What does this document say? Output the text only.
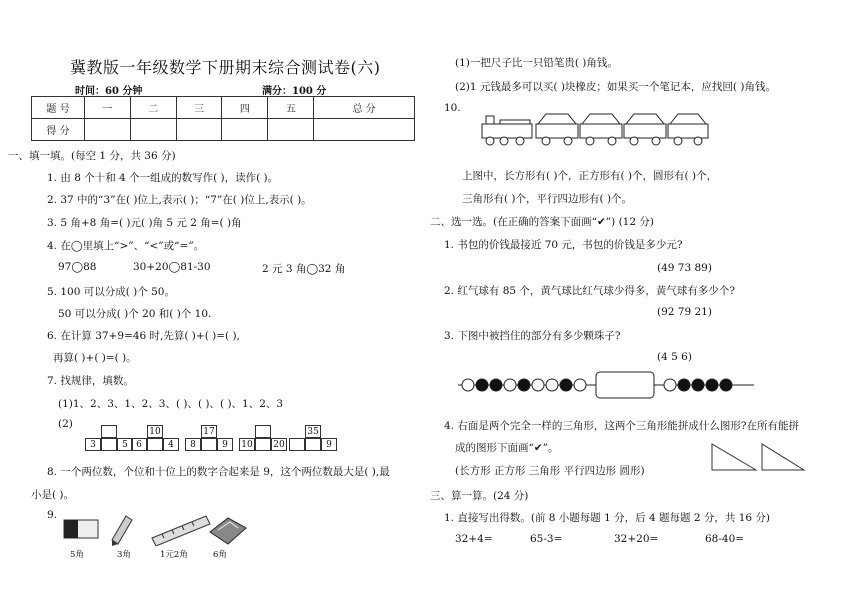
冀教版一年级数学下册期末综合测试卷(六)
时间：60 分钟	满分：100 分
题 号	一	二	三	四	五	总 分
得 分						
一、填一填。(每空 1 分，共 36 分)
1. 由 8 个十和 4 个一组成的数写作( )，读作( )。
2. 37 中的“3”在( )位上,表示( )；“7”在( )位上,表示( )。
3. 5 角+8 角=( )元( )角 5 元 2 角=( )角
4. 在◯里填上“>”、“<”或“=”。
97◯88	30+20◯81-30	2 元 3 角◯32 角
5. 100 可以分成( )个 50。
50 可以分成( )个 20 和( )个 10.
6. 在计算 37+9=46 时,先算( )+( )=( ),
再算( )+( )=( )。
7. 找规律，填数。
(1)1、2、3、1、2、3、( )、( )、( )、1、2、3
(2)
3	5
10
6	4
17
8	9	10 20
35
9
8. 一个两位数，个位和十位上的数字合起来是 9，这个两位数最大是( ),最
小是( )。
9.
5角	3角	1元2角	6角
(1)一把尺子比一只铅笔贵( )角钱。
(2)1 元钱最多可以买( )块橡皮；如果买一个笔记本，应找回( )角钱。
10.
上图中，长方形有( )个，正方形有( )个，圆形有( )个，
三角形有( )个，平行四边形有( )个。
二、选一选。(在正确的答案下面画“✔”) (12 分)
1. 书包的价钱最接近 70 元，书包的价钱是多少元?
(49 73 89)
2. 红气球有 85 个，黄气球比红气球少得多，黄气球有多少个?
(92 79 21)
3. 下图中被挡住的部分有多少颗珠子?
(4 5 6)
4. 右面是两个完全一样的三角形，这两个三角形能拼成什么图形?在所有能拼
成的图形下面画“✔”。
(长方形 正方形 三角形 平行四边形 圆形)
三、算一算。(24 分)
1. 直接写出得数。(前 8 小题每题 1 分，后 4 题每题 2 分，共 16 分)
32+4=	65-3=	32+20=	68-40=
